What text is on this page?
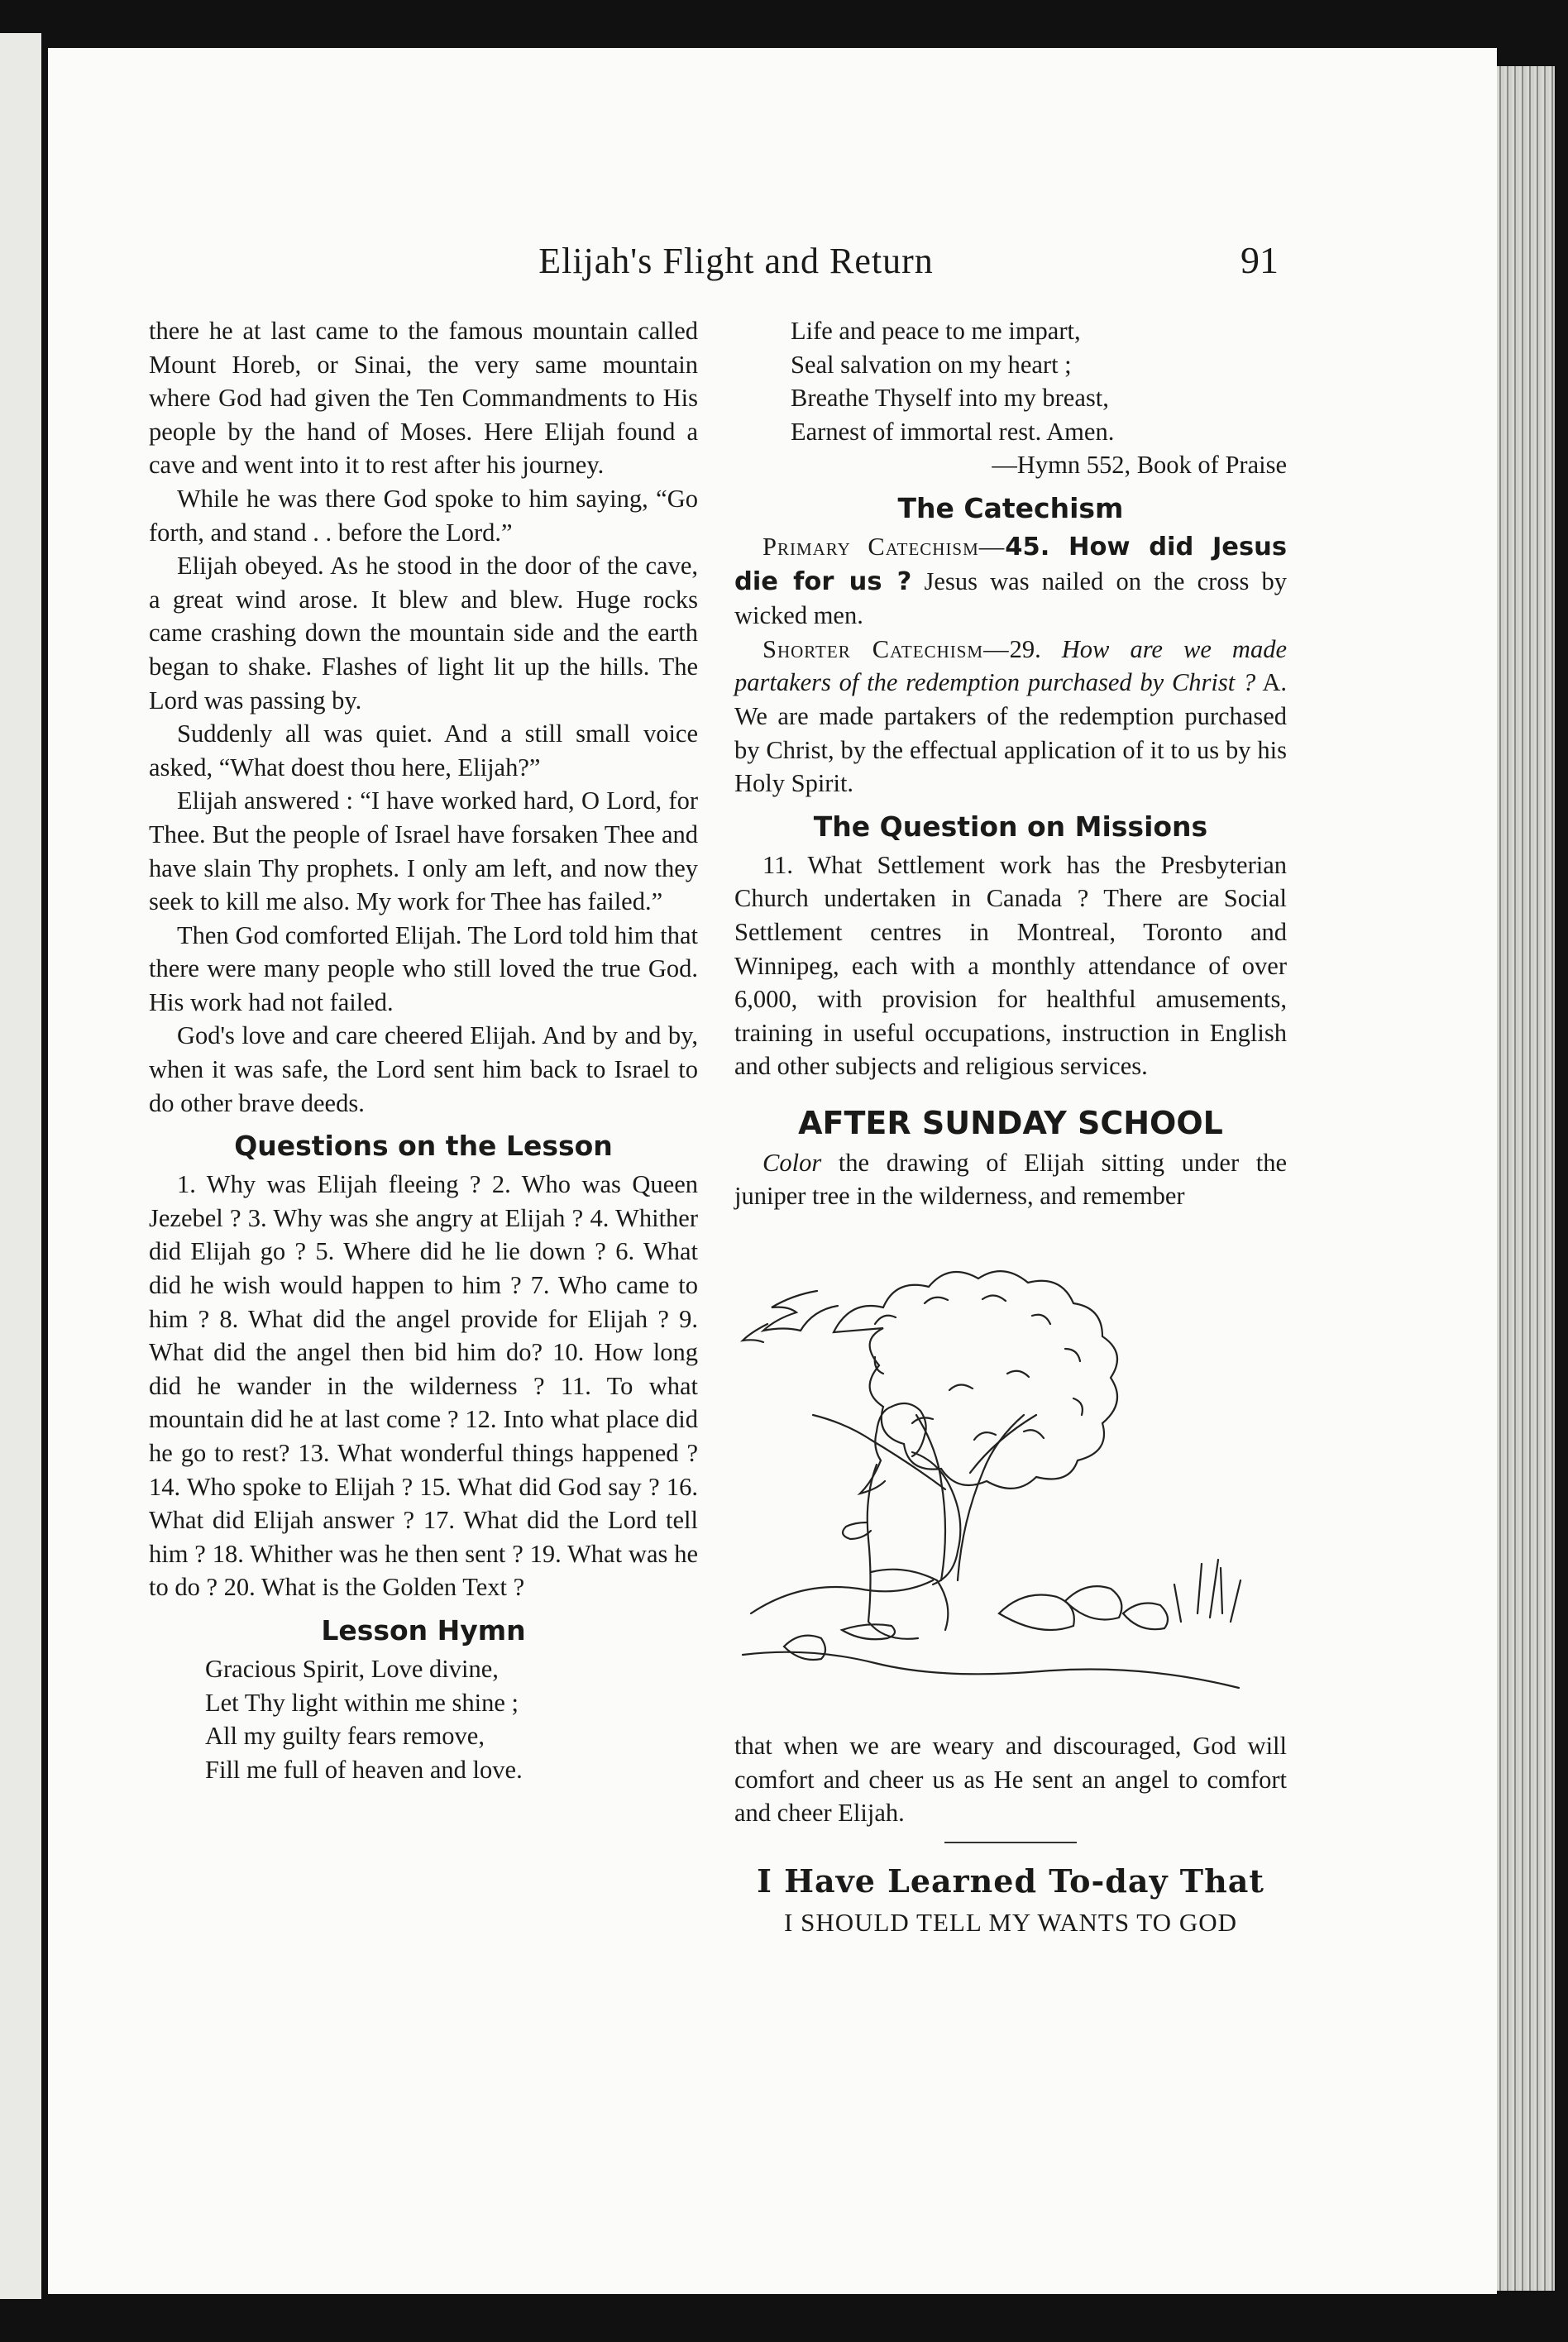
Elijah's Flight and Return	91

there he at last came to the famous mountain called Mount Horeb, or Sinai, the very same mountain where God had given the Ten Commandments to His people by the hand of Moses. Here Elijah found a cave and went into it to rest after his journey.

While he was there God spoke to him saying, “Go forth, and stand . . before the Lord.”

Elijah obeyed. As he stood in the door of the cave, a great wind arose. It blew and blew. Huge rocks came crashing down the mountain side and the earth began to shake. Flashes of light lit up the hills. The Lord was passing by.

Suddenly all was quiet. And a still small voice asked, “What doest thou here, Elijah?”

Elijah answered : “I have worked hard, O Lord, for Thee. But the people of Israel have forsaken Thee and have slain Thy prophets. I only am left, and now they seek to kill me also. My work for Thee has failed.”

Then God comforted Elijah. The Lord told him that there were many people who still loved the true God. His work had not failed.

God's love and care cheered Elijah. And by and by, when it was safe, the Lord sent him back to Israel to do other brave deeds.

Questions on the Lesson

1. Why was Elijah fleeing ? 2. Who was Queen Jezebel ? 3. Why was she angry at Elijah ? 4. Whither did Elijah go ? 5. Where did he lie down ? 6. What did he wish would happen to him ? 7. Who came to him ? 8. What did the angel provide for Elijah ? 9. What did the angel then bid him do? 10. How long did he wander in the wilderness ? 11. To what mountain did he at last come ? 12. Into what place did he go to rest? 13. What wonderful things happened ? 14. Who spoke to Elijah ? 15. What did God say ? 16. What did Elijah answer ? 17. What did the Lord tell him ? 18. Whither was he then sent ? 19. What was he to do ? 20. What is the Golden Text ?

Lesson Hymn
Gracious Spirit, Love divine,
Let Thy light within me shine ;
All my guilty fears remove,
Fill me full of heaven and love.
Life and peace to me impart,
Seal salvation on my heart ;
Breathe Thyself into my breast,
Earnest of immortal rest. Amen.
—Hymn 552, Book of Praise
The Catechism

Primary Catechism—45. How did Jesus die for us ? Jesus was nailed on the cross by wicked men.

Shorter Catechism—29. How are we made partakers of the redemption purchased by Christ ? A. We are made partakers of the redemption purchased by Christ, by the effectual application of it to us by his Holy Spirit.

The Question on Missions

11. What Settlement work has the Presbyterian Church undertaken in Canada ? There are Social Settlement centres in Montreal, Toronto and Winnipeg, each with a monthly attendance of over 6,000, with provision for healthful amusements, training in useful occupations, instruction in English and other subjects and religious services.

AFTER SUNDAY SCHOOL

Color the drawing of Elijah sitting under the juniper tree in the wilderness, and remember

that when we are weary and discouraged, God will comfort and cheer us as He sent an angel to comfort and cheer Elijah.

I Have Learned To-day That
I SHOULD TELL MY WANTS TO GOD
